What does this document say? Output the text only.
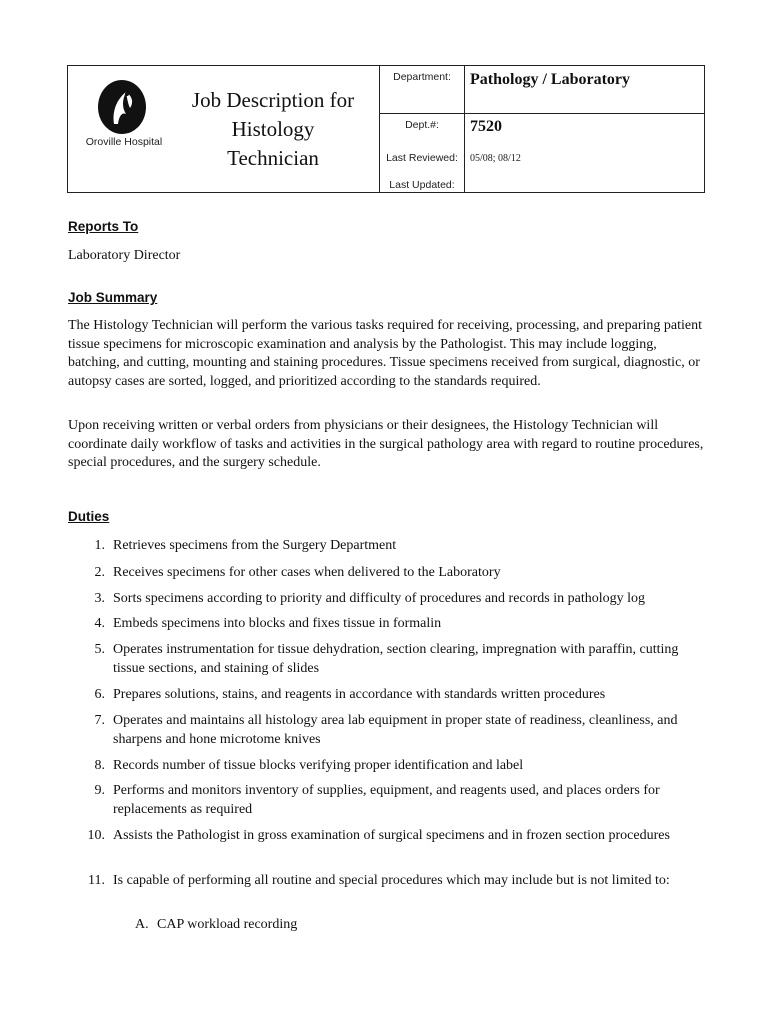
Oroville Hospital
Job Description for
Histology
Technician
Department:	Pathology / Laboratory
Dept.#:	7520
Last Reviewed:	05/08; 08/12
Last Updated:
Reports To
Laboratory Director
Job Summary
The Histology Technician will perform the various tasks required for receiving, processing, and preparing patient tissue specimens for microscopic examination and analysis by the Pathologist. This may include logging, batching, and cutting, mounting and staining procedures. Tissue specimens received from surgical, diagnostic, or autopsy cases are sorted, logged, and prioritized according to the standards required.
Upon receiving written or verbal orders from physicians or their designees, the Histology Technician will coordinate daily workflow of tasks and activities in the surgical pathology area with regard to routine procedures, special procedures, and the surgery schedule.
Duties
1. Retrieves specimens from the Surgery Department
2. Receives specimens for other cases when delivered to the Laboratory
3. Sorts specimens according to priority and difficulty of procedures and records in pathology log
4. Embeds specimens into blocks and fixes tissue in formalin
5. Operates instrumentation for tissue dehydration, section clearing, impregnation with paraffin, cutting tissue sections, and staining of slides
6. Prepares solutions, stains, and reagents in accordance with standards written procedures
7. Operates and maintains all histology area lab equipment in proper state of readiness, cleanliness, and sharpens and hone microtome knives
8. Records number of tissue blocks verifying proper identification and label
9. Performs and monitors inventory of supplies, equipment, and reagents used, and places orders for replacements as required
10. Assists the Pathologist in gross examination of surgical specimens and in frozen section procedures
11. Is capable of performing all routine and special procedures which may include but is not limited to:
A. CAP workload recording
